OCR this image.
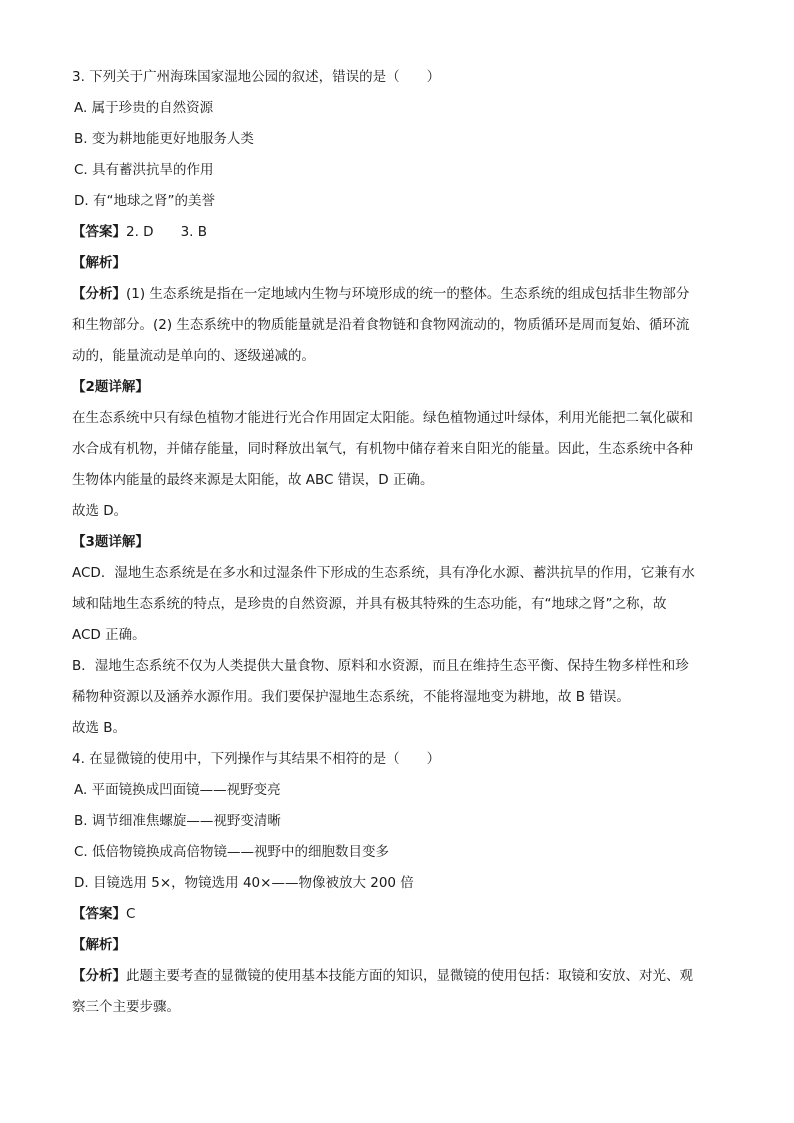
3. 下列关于广州海珠国家湿地公园的叙述，错误的是（　　）
A. 属于珍贵的自然资源
B. 变为耕地能更好地服务人类
C. 具有蓄洪抗旱的作用
D. 有“地球之肾”的美誉
【答案】2. D　　3. B
【解析】
【分析】(1) 生态系统是指在一定地域内生物与环境形成的统一的整体。生态系统的组成包括非生物部分
和生物部分。(2) 生态系统中的物质能量就是沿着食物链和食物网流动的，物质循环是周而复始、循环流
动的，能量流动是单向的、逐级递减的。
【2题详解】
在生态系统中只有绿色植物才能进行光合作用固定太阳能。绿色植物通过叶绿体，利用光能把二氧化碳和
水合成有机物，并储存能量，同时释放出氧气，有机物中储存着来自阳光的能量。因此，生态系统中各种
生物体内能量的最终来源是太阳能，故 ABC 错误，D 正确。
故选 D。
【3题详解】
ACD．湿地生态系统是在多水和过湿条件下形成的生态系统，具有净化水源、蓄洪抗旱的作用，它兼有水
域和陆地生态系统的特点，是珍贵的自然资源，并具有极其特殊的生态功能，有“地球之肾”之称，故
ACD 正确。
B．湿地生态系统不仅为人类提供大量食物、原料和水资源，而且在维持生态平衡、保持生物多样性和珍
稀物种资源以及涵养水源作用。我们要保护湿地生态系统，不能将湿地变为耕地，故 B 错误。
故选 B。
4. 在显微镜的使用中，下列操作与其结果不相符的是（　　）
A. 平面镜换成凹面镜——视野变亮
B. 调节细准焦螺旋——视野变清晰
C. 低倍物镜换成高倍物镜——视野中的细胞数目变多
D. 目镜选用 5×，物镜选用 40×——物像被放大 200 倍
【答案】C
【解析】
【分析】此题主要考查的显微镜的使用基本技能方面的知识，显微镜的使用包括：取镜和安放、对光、观
察三个主要步骤。
